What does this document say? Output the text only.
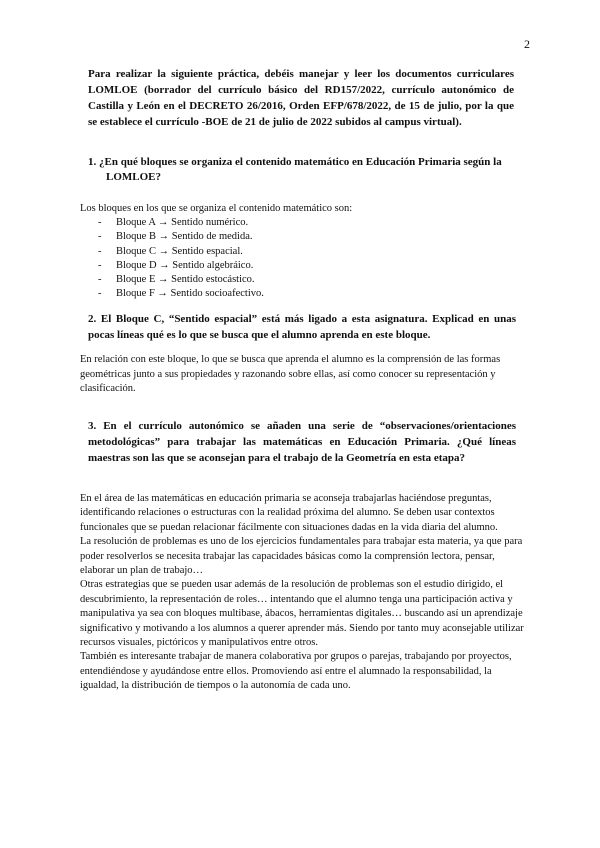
2
Para realizar la siguiente práctica, debéis manejar y leer los documentos curriculares LOMLOE (borrador del currículo básico del RD157/2022, currículo autonómico de Castilla y León en el DECRETO 26/2016, Orden EFP/678/2022, de 15 de julio, por la que se establece el currículo -BOE de 21 de julio de 2022 subidos al campus virtual).
1. ¿En qué bloques se organiza el contenido matemático en Educación Primaria según la LOMLOE?
Los bloques en los que se organiza el contenido matemático son:
- Bloque A → Sentido numérico.
- Bloque B → Sentido de medida.
- Bloque C → Sentido espacial.
- Bloque D → Sentido algebráico.
- Bloque E → Sentido estocástico.
- Bloque F → Sentido socioafectivo.
2. El Bloque C, “Sentido espacial” está más ligado a esta asignatura. Explicad en unas pocas líneas qué es lo que se busca que el alumno aprenda en este bloque.
En relación con este bloque, lo que se busca que aprenda el alumno es la comprensión de las formas geométricas junto a sus propiedades y razonando sobre ellas, así como conocer su representación y clasificación.
3. En el currículo autonómico se añaden una serie de “observaciones/orientaciones metodológicas” para trabajar las matemáticas en Educación Primaria. ¿Qué líneas maestras son las que se aconsejan para el trabajo de la Geometría en esta etapa?

En el área de las matemáticas en educación primaria se aconseja trabajarlas haciéndose preguntas, identificando relaciones o estructuras con la realidad próxima del alumno. Se deben usar contextos funcionales que se puedan relacionar fácilmente con situaciones dadas en la vida diaria del alumno.

La resolución de problemas es uno de los ejercicios fundamentales para trabajar esta materia, ya que para poder resolverlos se necesita trabajar las capacidades básicas como la comprensión lectora, pensar, elaborar un plan de trabajo…

Otras estrategias que se pueden usar además de la resolución de problemas son el estudio dirigido, el descubrimiento, la representación de roles… intentando que el alumno tenga una participación activa y manipulativa ya sea con bloques multibase, ábacos, herramientas digitales… buscando así un aprendizaje significativo y motivando a los alumnos a querer aprender más. Siendo por tanto muy aconsejable utilizar recursos visuales, pictóricos y manipulativos entre otros.

También es interesante trabajar de manera colaborativa por grupos o parejas, trabajando por proyectos, entendiéndose y ayudándose entre ellos. Promoviendo así entre el alumnado la responsabilidad, la igualdad, la distribución de tiempos o la autonomía de cada uno.
